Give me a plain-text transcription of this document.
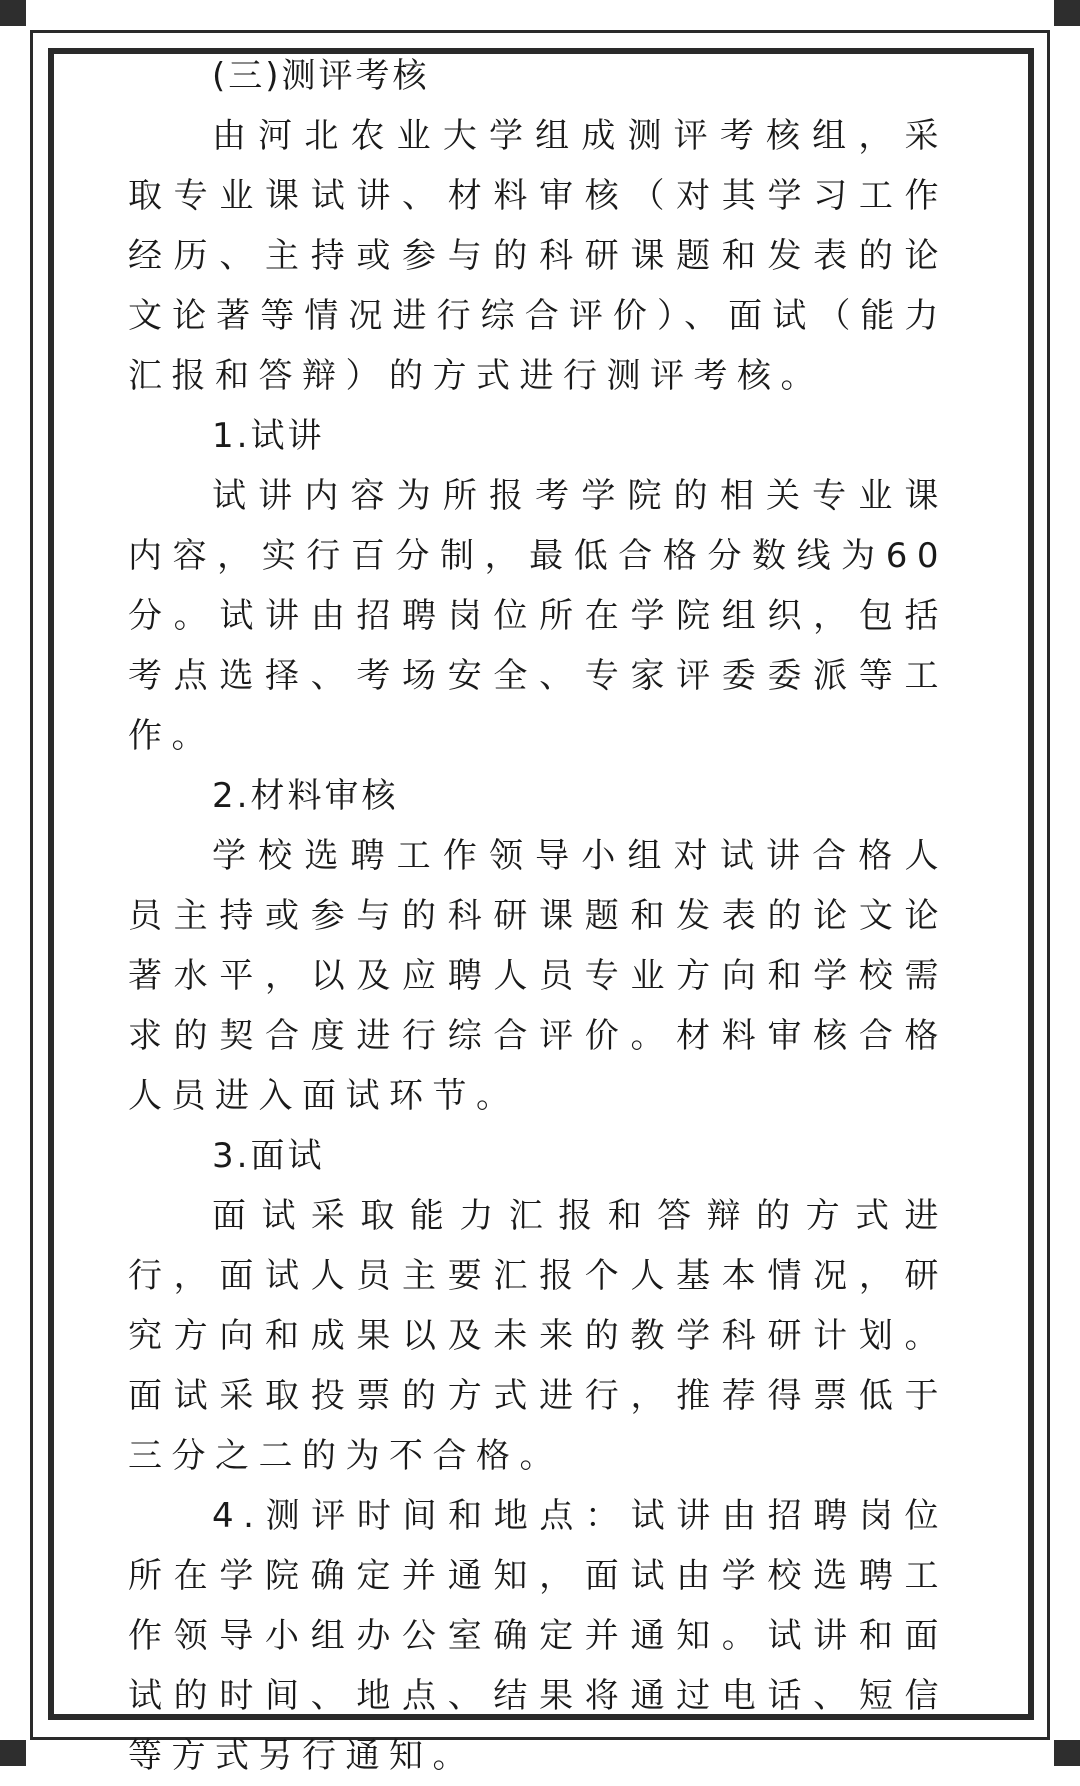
(三)测评考核

由河北农业大学组成测评考核组，采取专业课试讲、材料审核（对其学习工作经历、主持或参与的科研课题和发表的论文论著等情况进行综合评价）、面试（能力汇报和答辩）的方式进行测评考核。

1.试讲

试讲内容为所报考学院的相关专业课内容，实行百分制，最低合格分数线为60分。试讲由招聘岗位所在学院组织，包括考点选择、考场安全、专家评委委派等工作。

2.材料审核

学校选聘工作领导小组对试讲合格人员主持或参与的科研课题和发表的论文论著水平，以及应聘人员专业方向和学校需求的契合度进行综合评价。材料审核合格人员进入面试环节。

3.面试

面试采取能力汇报和答辩的方式进行，面试人员主要汇报个人基本情况，研究方向和成果以及未来的教学科研计划。面试采取投票的方式进行，推荐得票低于三分之二的为不合格。

4.测评时间和地点：试讲由招聘岗位所在学院确定并通知，面试由学校选聘工作领导小组办公室确定并通知。试讲和面试的时间、地点、结果将通过电话、短信等方式另行通知。
